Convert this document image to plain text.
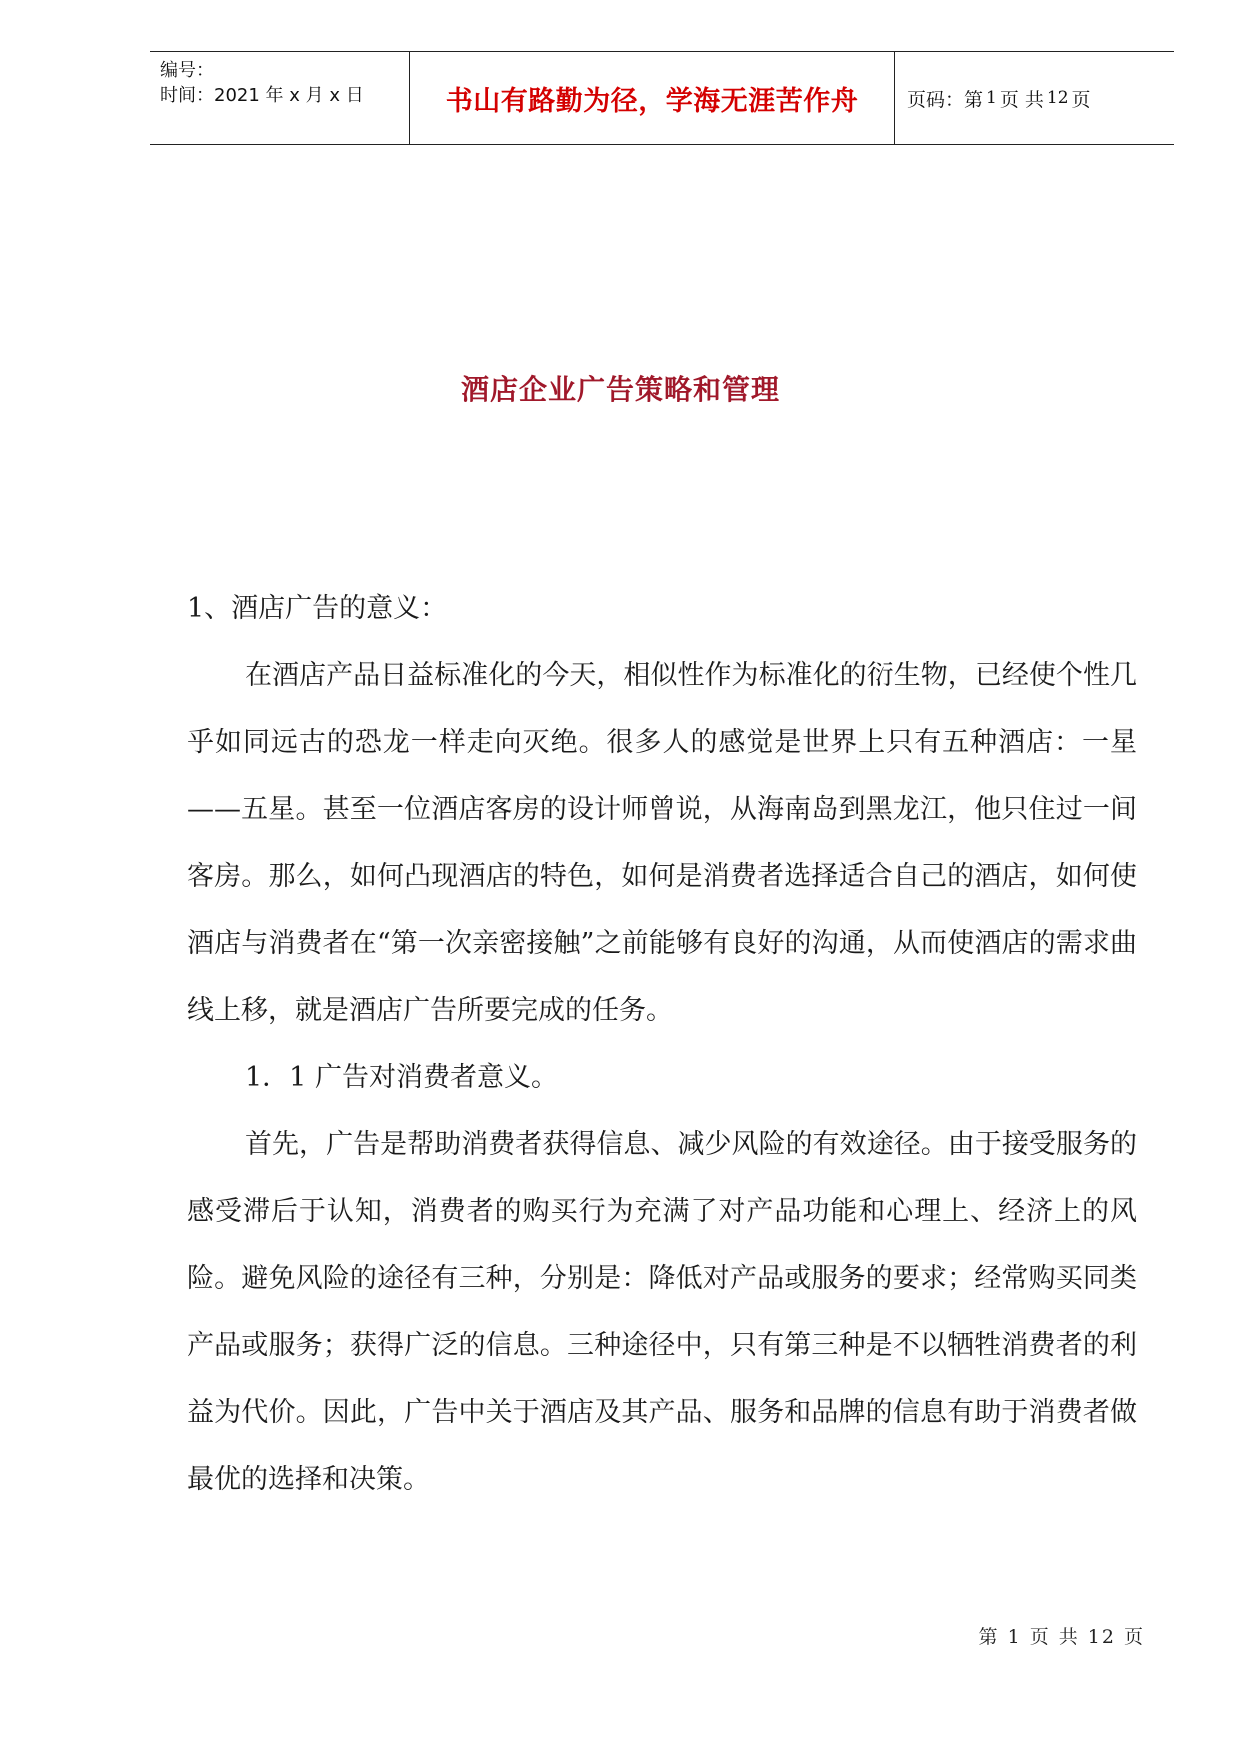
编号：
时间：2021 年 x 月 x 日	书山有路勤为径，学海无涯苦作舟	页码：第 1 页 共 12 页
酒店企业广告策略和管理

1、酒店广告的意义：

在酒店产品日益标准化的今天，相似性作为标准化的衍生物，已经使个性几乎如同远古的恐龙一样走向灭绝。很多人的感觉是世界上只有五种酒店：一星——五星。甚至一位酒店客房的设计师曾说，从海南岛到黑龙江，他只住过一间客房。那么，如何凸现酒店的特色，如何是消费者选择适合自己的酒店，如何使酒店与消费者在“第一次亲密接触”之前能够有良好的沟通，从而使酒店的需求曲线上移，就是酒店广告所要完成的任务。

1．1 广告对消费者意义。

首先，广告是帮助消费者获得信息、减少风险的有效途径。由于接受服务的感受滞后于认知，消费者的购买行为充满了对产品功能和心理上、经济上的风险。避免风险的途径有三种，分别是：降低对产品或服务的要求；经常购买同类产品或服务；获得广泛的信息。三种途径中，只有第三种是不以牺牲消费者的利益为代价。因此，广告中关于酒店及其产品、服务和品牌的信息有助于消费者做最优的选择和决策。

第 1 页 共 12 页
